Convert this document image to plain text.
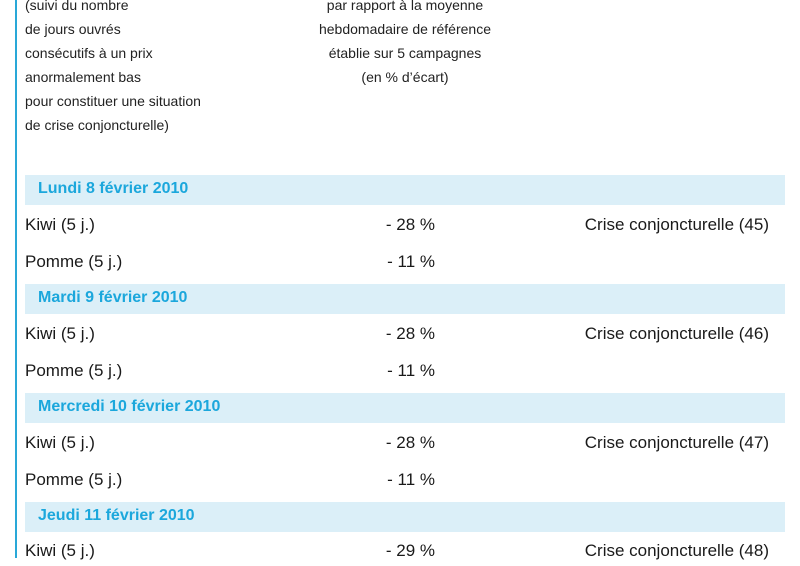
(suivi du nombre
de jours ouvrés
consécutifs à un prix
anormalement bas
pour constituer une situation
de crise conjoncturelle)
par rapport à la moyenne
hebdomadaire de référence
établie sur 5 campagnes
(en % d’écart)
Lundi 8 février 2010
Kiwi (5 j.)	- 28 %	Crise conjoncturelle (45)
Pomme (5 j.)	- 11 %
Mardi 9 février 2010
Kiwi (5 j.)	- 28 %	Crise conjoncturelle (46)
Pomme (5 j.)	- 11 %
Mercredi 10 février 2010
Kiwi (5 j.)	- 28 %	Crise conjoncturelle (47)
Pomme (5 j.)	- 11 %
Jeudi 11 février 2010
Kiwi (5 j.)	- 29 %	Crise conjoncturelle (48)
